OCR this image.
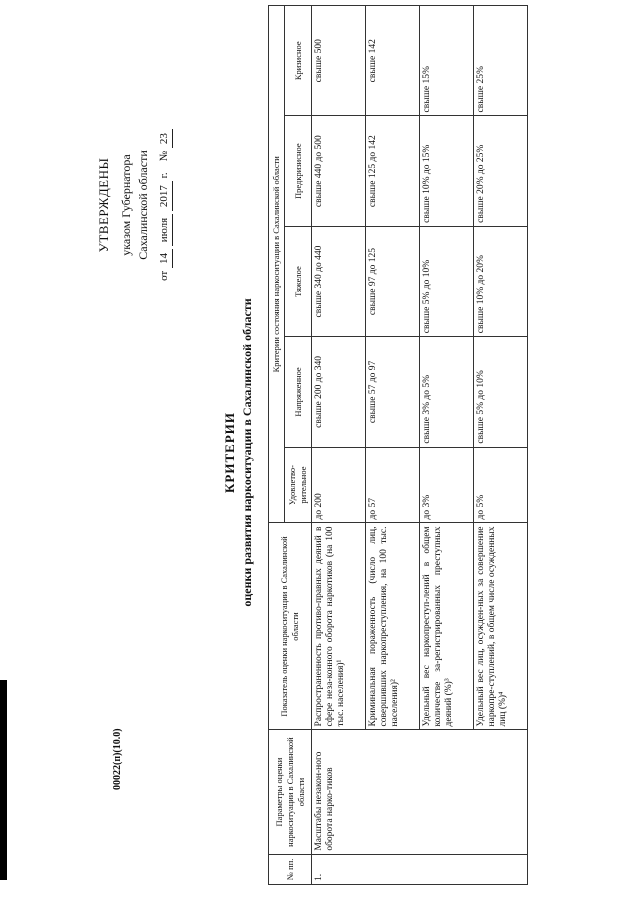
00022(п)(10.0)
УТВЕРЖДЕНЫ указом Губернатора Сахалинской области
от 14 июля 2017 г.    № 23
КРИТЕРИИ оценки развития наркоситуации в Сахалинской области
№ пп.	Параметры оценки наркоситуации в Сахалинской области	Показатель оценки наркоситуации в Сахалинской области	Критерии состояния наркоситуации в Сахалинской области				
			Удовлетво-рительное	Напряженное	Тяжелое	Предкризисное	Кризисное
1.	Масштабы незакон-ного оборота нарко-тиков	Распространенность противо-правных деяний в сфере неза-конного оборота наркотиков (на 100 тыс. населения)¹	до 200	свыше 200 до 340	свыше 340 до 440	свыше 440 до 500	свыше 500
		Криминальная пораженность (число лиц, совершивших наркопреступления, на 100 тыс. населения)²	до 57	свыше 57 до 97	свыше 97 до 125	свыше 125 до 142	свыше 142
		Удельный вес наркопреступ-лений в общем количестве за-регистрированных преступных деяний (%)³	до 3%	свыше 3% до 5%	свыше 5% до 10%	свыше 10% до 15%	свыше 15%
		Удельный вес лиц, осужден-ных за совершение наркопре-ступлений, в общем числе осужденных лиц (%)⁴	до 5%	свыше 5% до 10%	свыше 10% до 20%	свыше 20% до 25%	свыше 25%
